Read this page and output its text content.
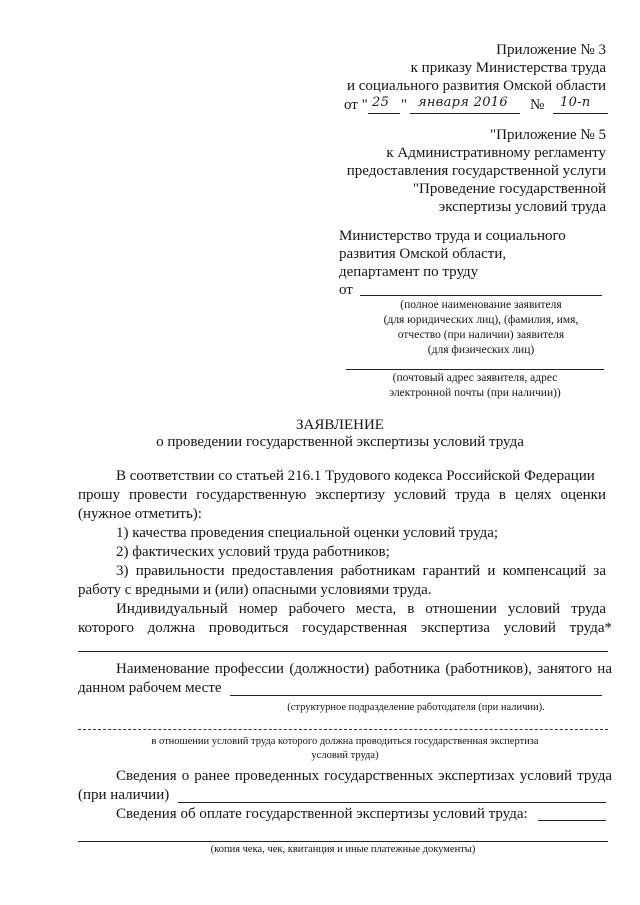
Приложение № 3
к приказу Министерства труда
и социального развития Омской области
от " 25 " января 2016 № 10-п
"Приложение № 5
к Административному регламенту
предоставления государственной услуги
"Проведение государственной
экспертизы условий труда
Министерство труда и социального
развития Омской области,
департамент по труду
от
(полное наименование заявителя
(для юридических лиц), (фамилия, имя,
отчество (при наличии) заявителя
(для физических лиц)
(почтовый адрес заявителя, адрес
электронной почты (при наличии))
ЗАЯВЛЕНИЕ
о проведении государственной экспертизы условий труда
В соответствии со статьей 216.1 Трудового кодекса Российской Федерации
прошу провести государственную экспертизу условий труда в целях оценки
(нужное отметить):
1) качества проведения специальной оценки условий труда;
2) фактических условий труда работников;
3) правильности предоставления работникам гарантий и компенсаций за
работу с вредными и (или) опасными условиями труда.
Индивидуальный номер рабочего места, в отношении условий труда
которого должна проводиться государственная экспертиза условий труда*
Наименование профессии (должности) работника (работников), занятого на
данном рабочем месте
(структурное подразделение работодателя (при наличии).
в отношении условий труда которого должна проводиться государственная экспертиза
условий труда)
Сведения о ранее проведенных государственных экспертизах условий труда
(при наличии)
Сведения об оплате государственной экспертизы условий труда:
(копия чека, чек, квитанция и иные платежные документы)
